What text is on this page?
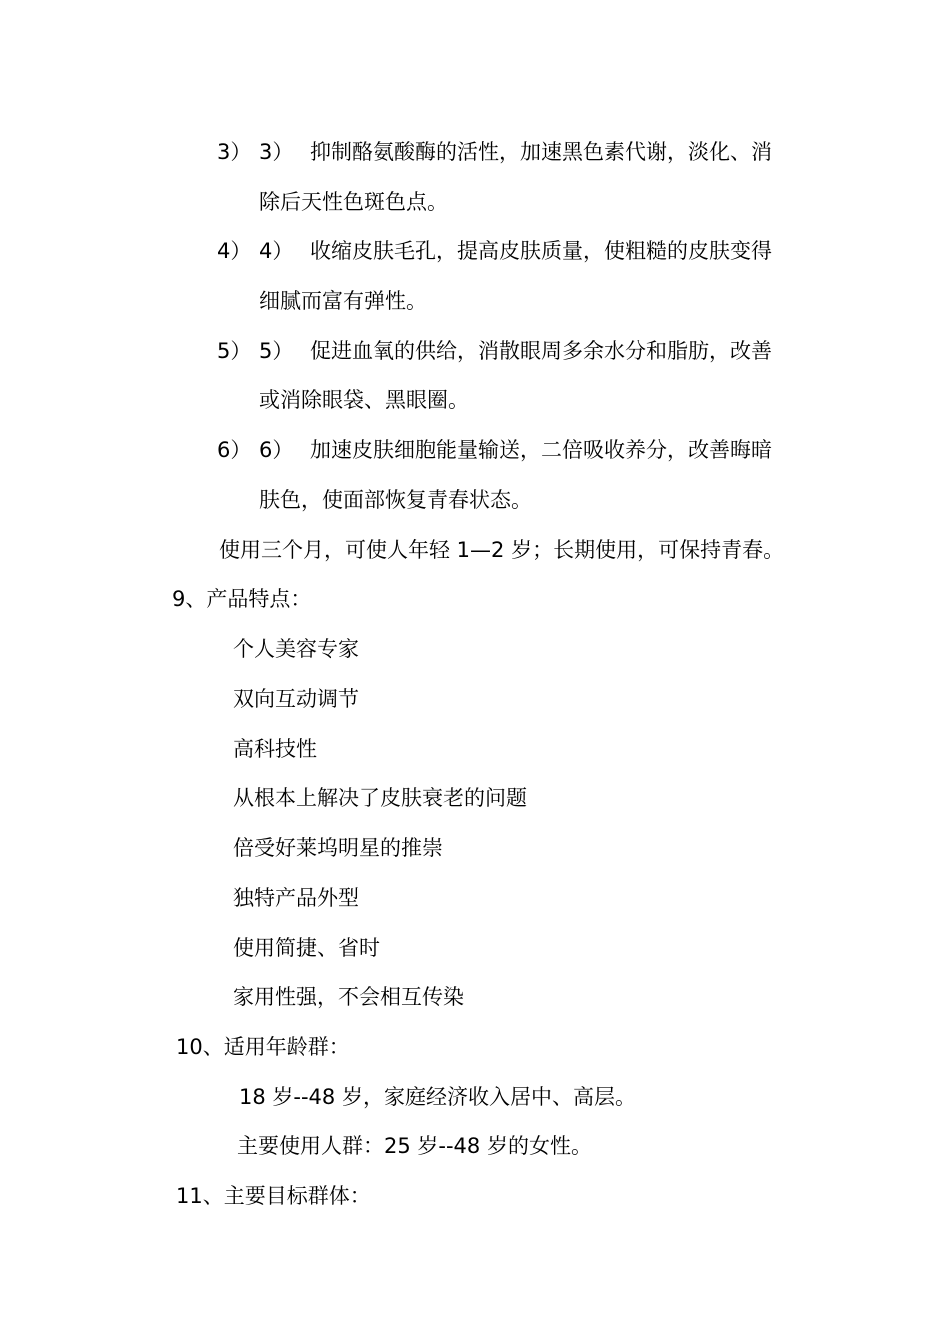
3） 3） 抑制酪氨酸酶的活性，加速黑色素代谢，淡化、消
除后天性色斑色点。
4） 4） 收缩皮肤毛孔，提高皮肤质量，使粗糙的皮肤变得
细腻而富有弹性。
5） 5） 促进血氧的供给，消散眼周多余水分和脂肪，改善
或消除眼袋、黑眼圈。
6） 6） 加速皮肤细胞能量输送，二倍吸收养分，改善晦暗
肤色，使面部恢复青春状态。
使用三个月，可使人年轻 1—2 岁；长期使用，可保持青春。
9、产品特点：
个人美容专家
双向互动调节
高科技性
从根本上解决了皮肤衰老的问题
倍受好莱坞明星的推崇
独特产品外型
使用简捷、省时
家用性强，不会相互传染
10、适用年龄群：
18 岁--48 岁，家庭经济收入居中、高层。
主要使用人群：25 岁--48 岁的女性。
11、主要目标群体：
